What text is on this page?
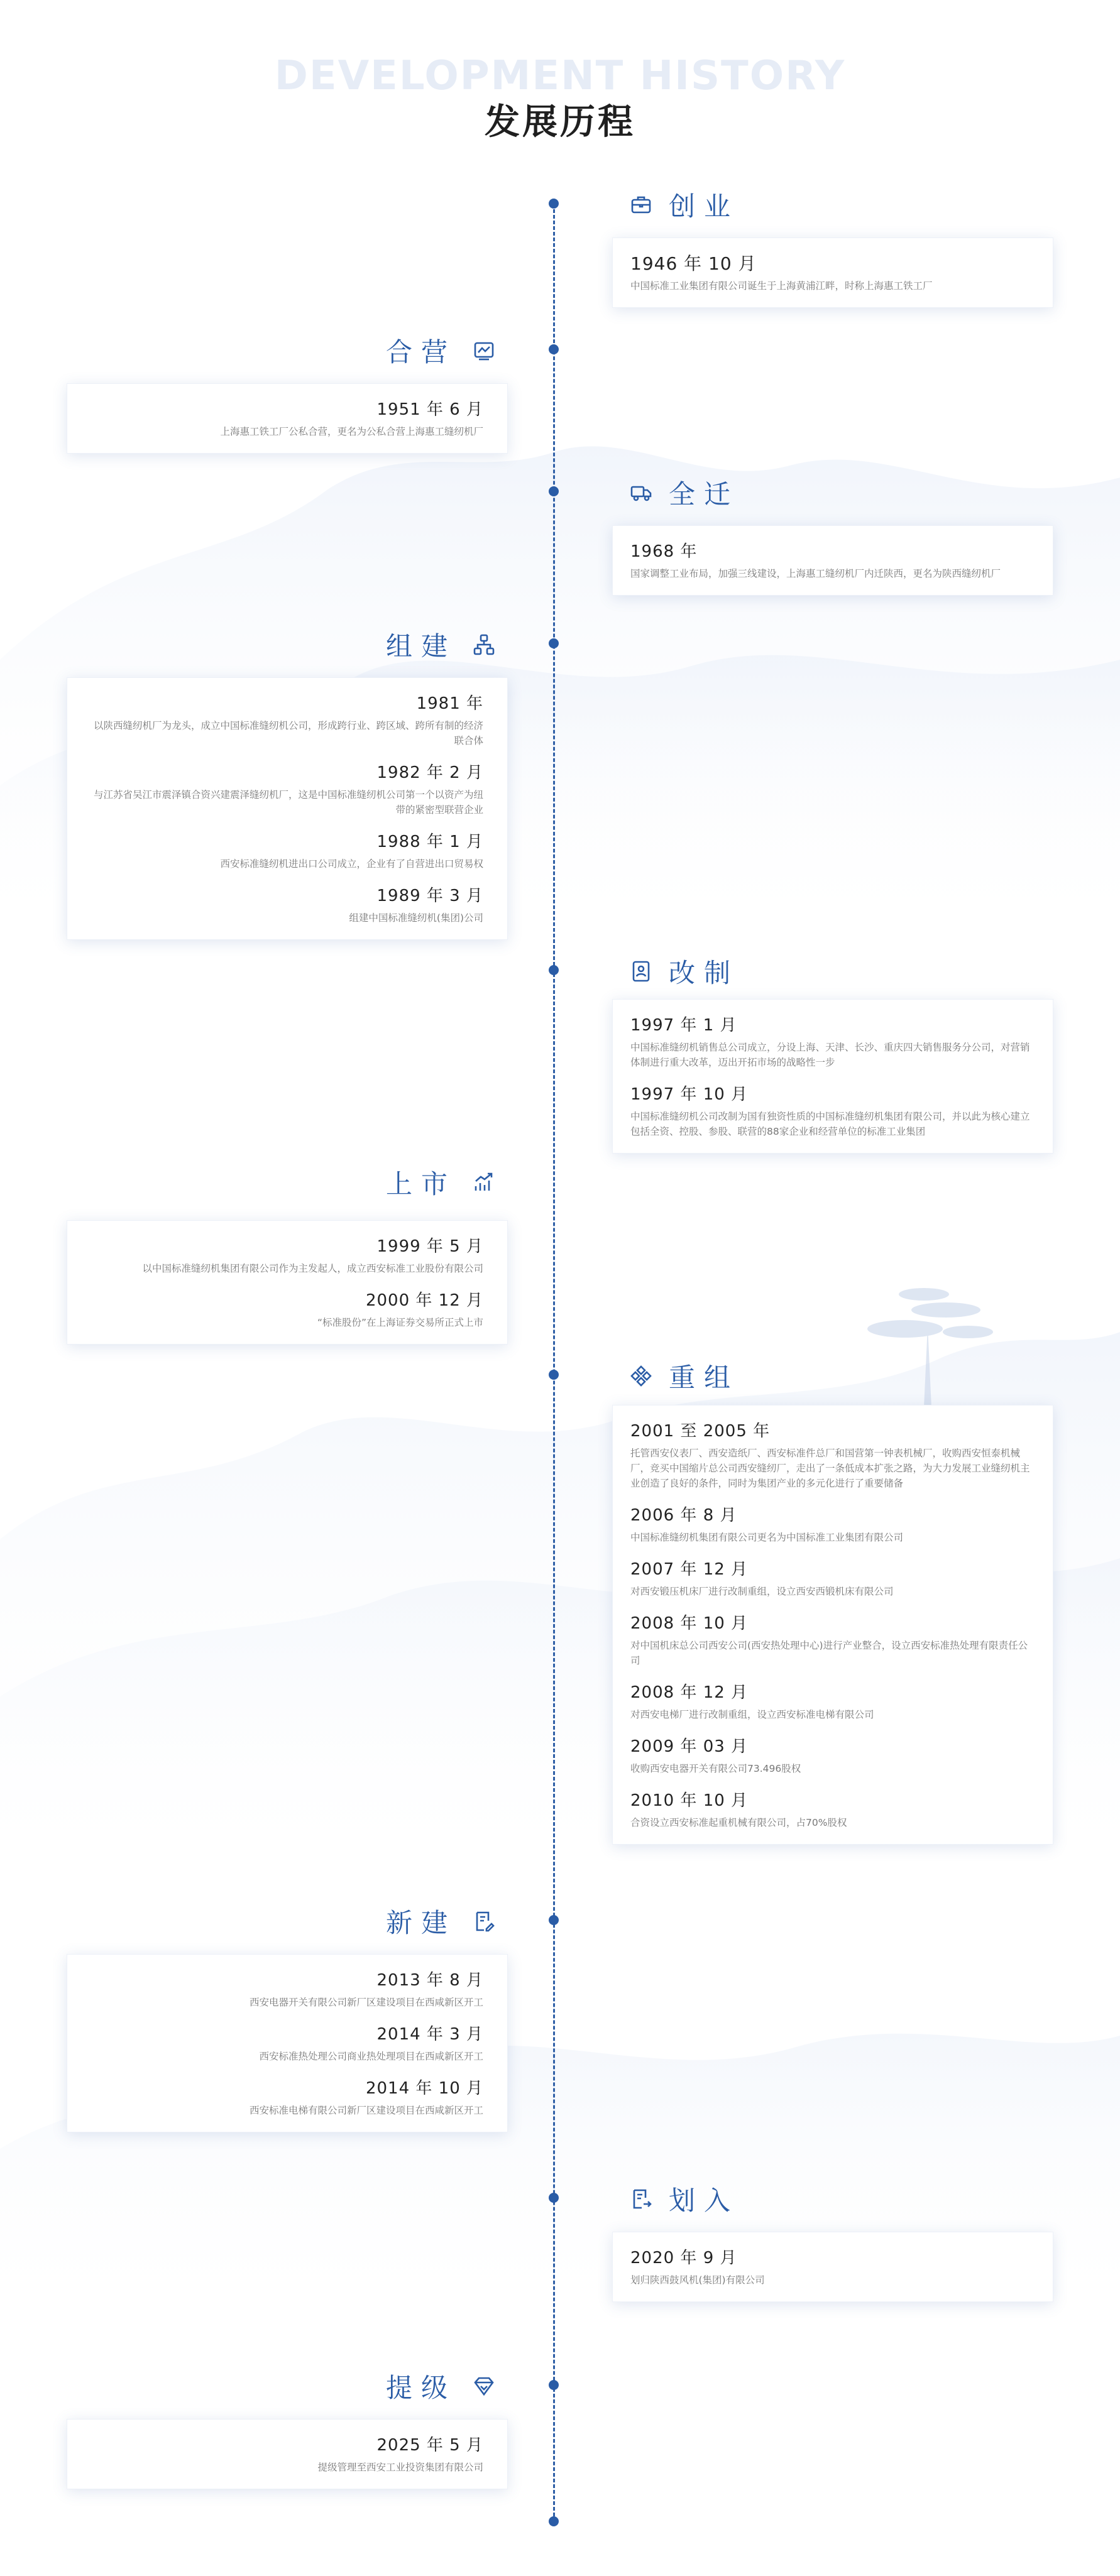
DEVELOPMENT HISTORY
发展历程
创业
1946 年 10 月
中国标准工业集团有限公司诞生于上海黄浦江畔，时称上海惠工铁工厂
合营
1951 年 6 月
上海惠工铁工厂公私合营，更名为公私合营上海惠工缝纫机厂
全迁
1968 年
国家调整工业布局，加强三线建设，上海惠工缝纫机厂内迁陕西，更名为陕西缝纫机厂
组建
1981 年
以陕西缝纫机厂为龙头，成立中国标准缝纫机公司，形成跨行业、跨区域、跨所有制的经济联合体
1982 年 2 月
与江苏省吴江市震泽镇合资兴建震泽缝纫机厂，这是中国标准缝纫机公司第一个以资产为纽带的紧密型联营企业
1988 年 1 月
西安标准缝纫机进出口公司成立，企业有了自营进出口贸易权
1989 年 3 月
组建中国标准缝纫机(集团)公司
改制
1997 年 1 月
中国标准缝纫机销售总公司成立，分设上海、天津、长沙、重庆四大销售服务分公司，对营销体制进行重大改革，迈出开拓市场的战略性一步
1997 年 10 月
中国标准缝纫机公司改制为国有独资性质的中国标准缝纫机集团有限公司，并以此为核心建立包括全资、控股、参股、联营的88家企业和经营单位的标准工业集团
上市
1999 年 5 月
以中国标准缝纫机集团有限公司作为主发起人，成立西安标准工业股份有限公司
2000 年 12 月
“标准股份”在上海证券交易所正式上市
重组
2001 至 2005 年
托管西安仪表厂、西安造纸厂、西安标准件总厂和国营第一钟表机械厂，收购西安恒泰机械厂，竞买中国缩片总公司西安缝纫厂，走出了一条低成本扩张之路，为大力发展工业缝纫机主业创造了良好的条件，同时为集团产业的多元化进行了重要储备
2006 年 8 月
中国标准缝纫机集团有限公司更名为中国标准工业集团有限公司
2007 年 12 月
对西安锻压机床厂进行改制重组，设立西安西锻机床有限公司
2008 年 10 月
对中国机床总公司西安公司(西安热处理中心)进行产业整合，设立西安标准热处理有限责任公司
2008 年 12 月
对西安电梯厂进行改制重组，设立西安标准电梯有限公司
2009 年 03 月
收购西安电器开关有限公司73.496股权
2010 年 10 月
合资设立西安标准起重机械有限公司，占70%股权
新建
2013 年 8 月
西安电器开关有限公司新厂区建设项目在西咸新区开工
2014 年 3 月
西安标准热处理公司商业热处理项目在西咸新区开工
2014 年 10 月
西安标准电梯有限公司新厂区建设项目在西咸新区开工
划入
2020 年 9 月
划归陕西鼓风机(集团)有限公司
提级
2025 年 5 月
提级管理至西安工业投资集团有限公司
